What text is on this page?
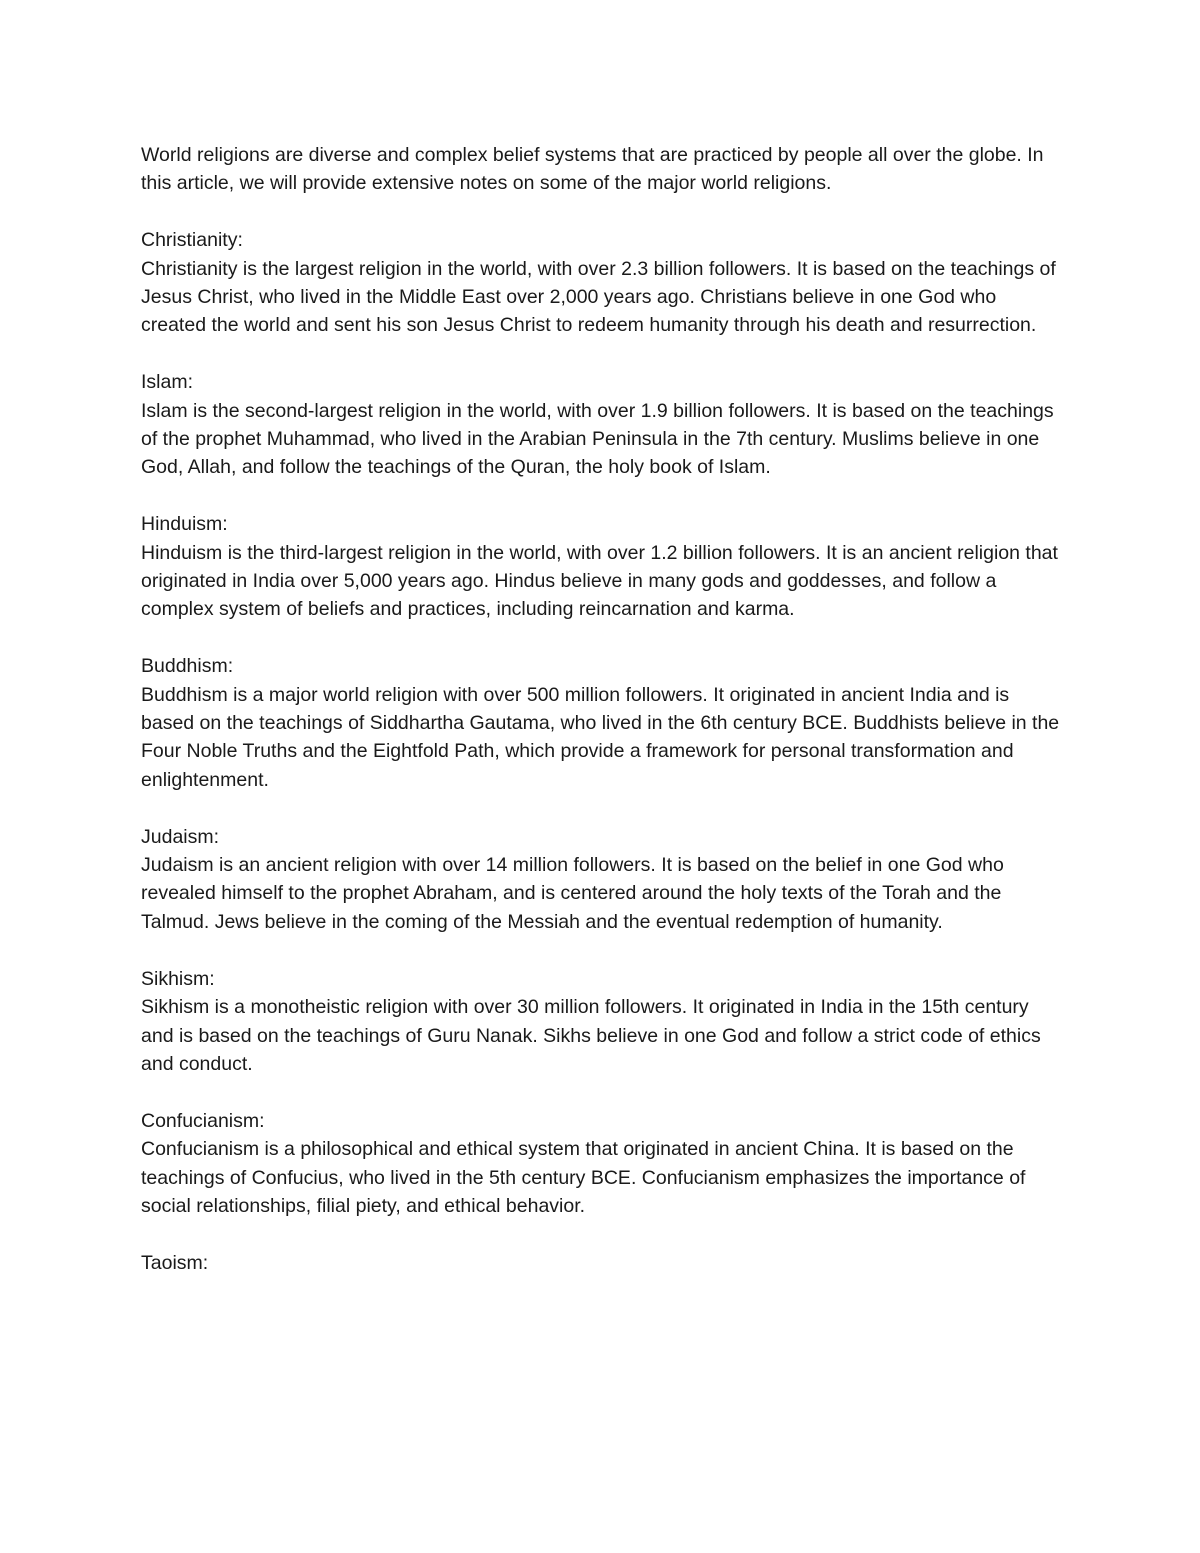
World religions are diverse and complex belief systems that are practiced by people all over the globe. In this article, we will provide extensive notes on some of the major world religions.

Christianity:

Christianity is the largest religion in the world, with over 2.3 billion followers. It is based on the teachings of Jesus Christ, who lived in the Middle East over 2,000 years ago. Christians believe in one God who created the world and sent his son Jesus Christ to redeem humanity through his death and resurrection.

Islam:

Islam is the second-largest religion in the world, with over 1.9 billion followers. It is based on the teachings of the prophet Muhammad, who lived in the Arabian Peninsula in the 7th century. Muslims believe in one God, Allah, and follow the teachings of the Quran, the holy book of Islam.

Hinduism:

Hinduism is the third-largest religion in the world, with over 1.2 billion followers. It is an ancient religion that originated in India over 5,000 years ago. Hindus believe in many gods and goddesses, and follow a complex system of beliefs and practices, including reincarnation and karma.

Buddhism:

Buddhism is a major world religion with over 500 million followers. It originated in ancient India and is based on the teachings of Siddhartha Gautama, who lived in the 6th century BCE. Buddhists believe in the Four Noble Truths and the Eightfold Path, which provide a framework for personal transformation and enlightenment.

Judaism:

Judaism is an ancient religion with over 14 million followers. It is based on the belief in one God who revealed himself to the prophet Abraham, and is centered around the holy texts of the Torah and the Talmud. Jews believe in the coming of the Messiah and the eventual redemption of humanity.

Sikhism:

Sikhism is a monotheistic religion with over 30 million followers. It originated in India in the 15th century and is based on the teachings of Guru Nanak. Sikhs believe in one God and follow a strict code of ethics and conduct.

Confucianism:

Confucianism is a philosophical and ethical system that originated in ancient China. It is based on the teachings of Confucius, who lived in the 5th century BCE. Confucianism emphasizes the importance of social relationships, filial piety, and ethical behavior.

Taoism:
